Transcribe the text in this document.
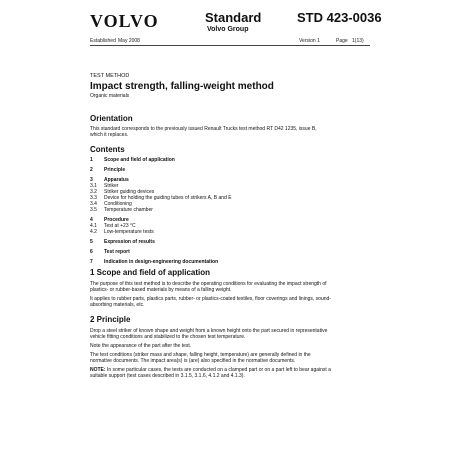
VOLVO	Standard
Volvo Group
STD 423-0036
Established May 2008	Version 1	Page 1(13)
TEST METHOD
Impact strength, falling-weight method
Organic materials
Orientation
This standard corresponds to the previously issued Renault Trucks test method RT D42 1235, issue B,
which it replaces.
Contents
1 Scope and field of application
2 Principle
3 Apparatus
3.1 Striker
3.2 Striker guiding devices
3.3 Device for holding the guiding tubes of strikers A, B and E
3.4 Conditioning
3.5 Temperature chamber
4 Procedure
4.1 Test at +23 °C
4.2 Low-temperature tests
5 Expression of results
6 Test report
7 Indication in design-engineering documentation
1 Scope and field of application
The purpose of this test method is to describe the operating conditions for evaluating the impact strength of
plastics- or rubber-based materials by means of a falling weight.
It applies to rubber parts, plastics parts, rubber- or plastics-coated textiles, floor coverings and linings, sound-
absorbing materials, etc.
2 Principle
Drop a steel striker of known shape and weight from a known height onto the part secured in representative
vehicle fitting conditions and stabilized to the chosen test temperature.
Note the appearance of the part after the test.
The test conditions (striker mass and shape, falling height, temperature) are generally defined in the
normative documents. The impact area(s) is (are) also specified in the normative documents.
NOTE: In some particular cases, the tests are conducted on a clamped part or on a part left to bear against a
suitable support (test cases described in 3.1.5, 3.1.6, 4.1.2 and 4.1.3).
